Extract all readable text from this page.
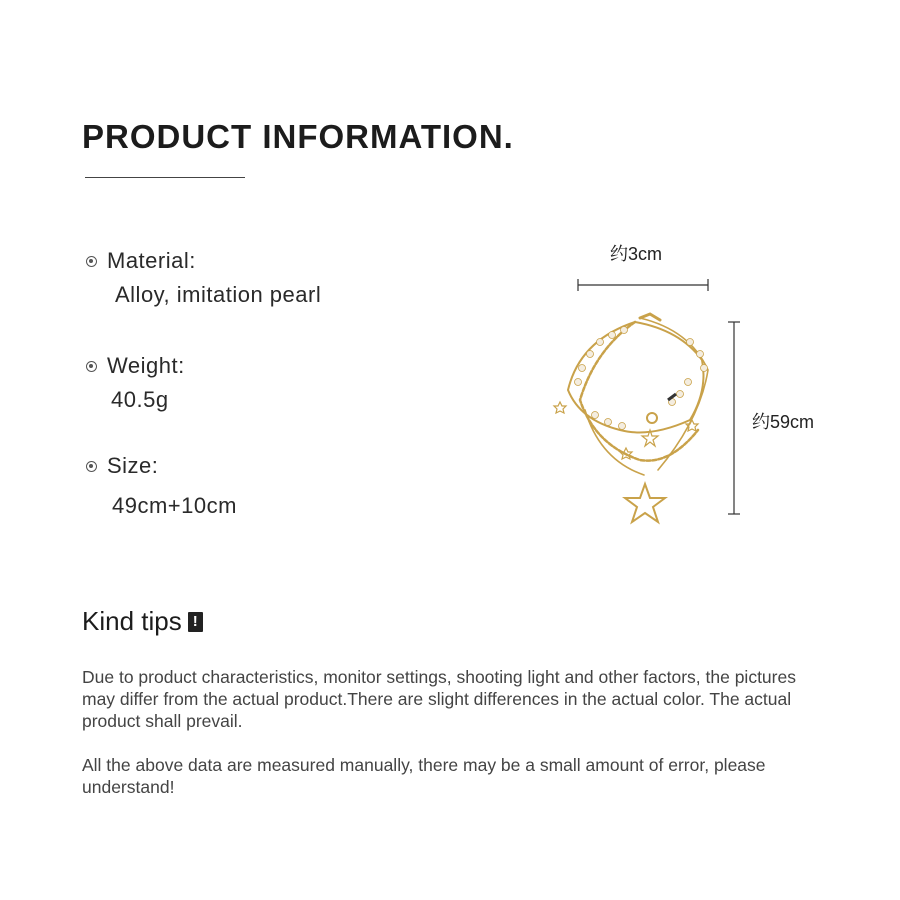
PRODUCT INFORMATION.
Material:
Alloy, imitation pearl
Weight:
40.5g
Size:
49cm+10cm
约3cm
约59cm
Kind tips !
Due to product characteristics, monitor settings, shooting light and other factors, the pictures may differ from the actual product.There are slight differences in the actual color. The actual product shall prevail.
All the above data are measured manually, there may be a small amount of error, please understand!
